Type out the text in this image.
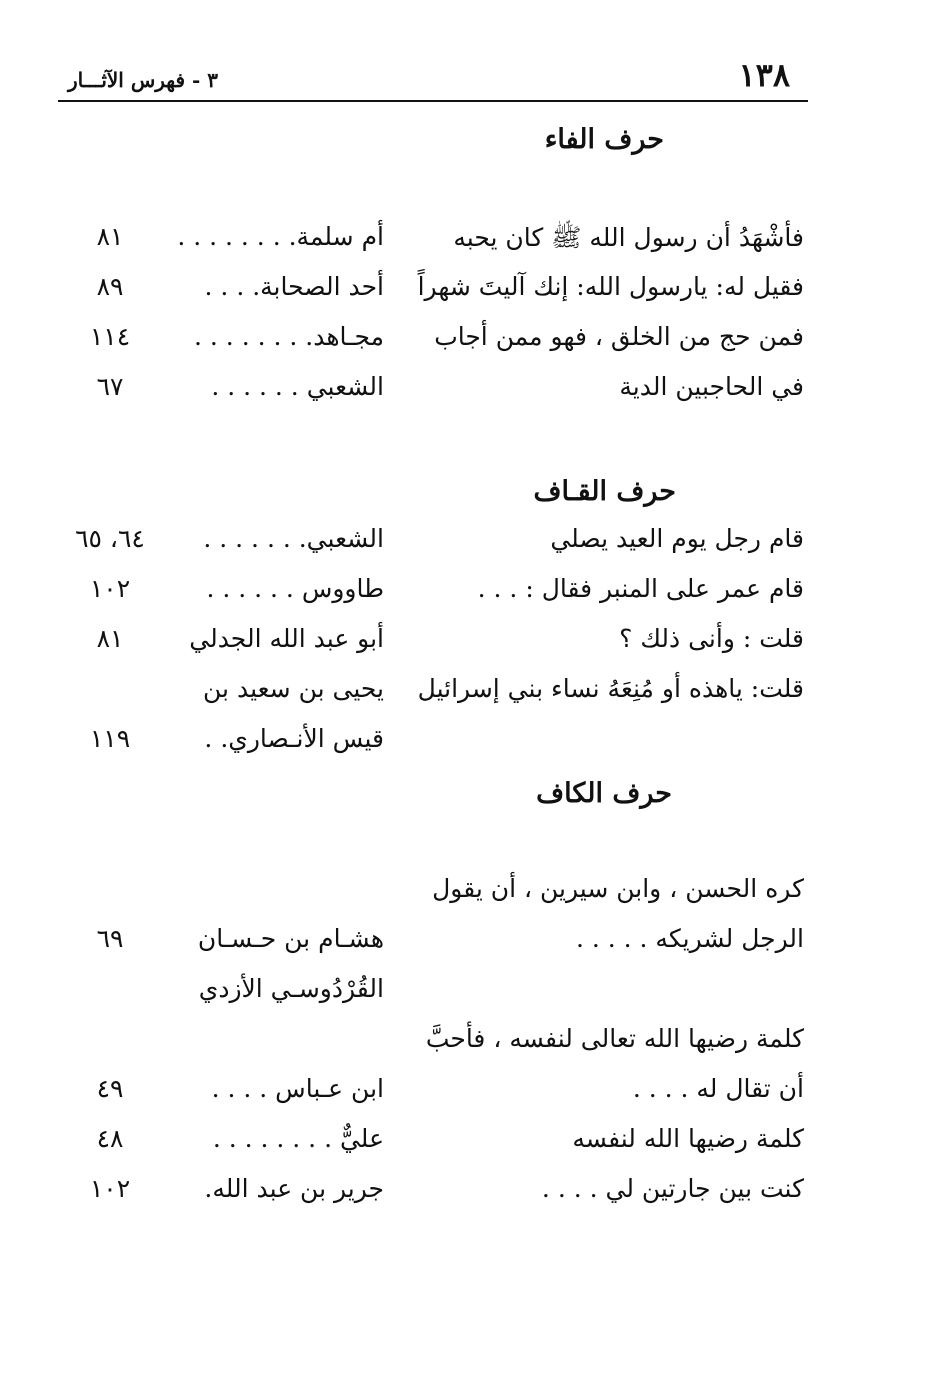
١٣٨
٣ - فهرس الآثـــار
حرف الفاء
فأشْهَدُ أن رسول الله ﷺ كان يحبه
أم سلمة. . . . . . . .
٨١
فقيل له: يارسول الله: إنك آليتَ شهراً
أحد الصحابة. . . .
٨٩
فمن حج من الخلق ، فهو ممن أجاب
مجـاهد. . . . . . . .
١١٤
في الحاجبين الدية
الشعبي . . . . . .
٦٧
حرف القـاف
قام رجل يوم العيد يصلي
الشعبي. . . . . . .
٦٤، ٦٥
قام عمر على المنبر فقال : . . .
طاووس . . . . . .
١٠٢
قلت : وأنى ذلك ؟
أبو عبد الله الجدلي
٨١
قلت: ياهذه أو مُنِعَهُ نساء بني إسرائيل
يحيى بن سعيد بن
قيس الأنـصاري. .
١١٩
حرف الكاف
كره الحسن ، وابن سيرين ، أن يقول
الرجل لشريكه . . . . .
هشـام بن حـسـان
٦٩
القُرْدُوسـي الأزدي
كلمة رضيها الله تعالى لنفسه ، فأحبَّ
أن تقال له . . . .
ابن عـباس . . . .
٤٩
كلمة رضيها الله لنفسه
عليٌّ . . . . . . . .
٤٨
كنت بين جارتين لي . . . .
جرير بن عبد الله.
١٠٢
